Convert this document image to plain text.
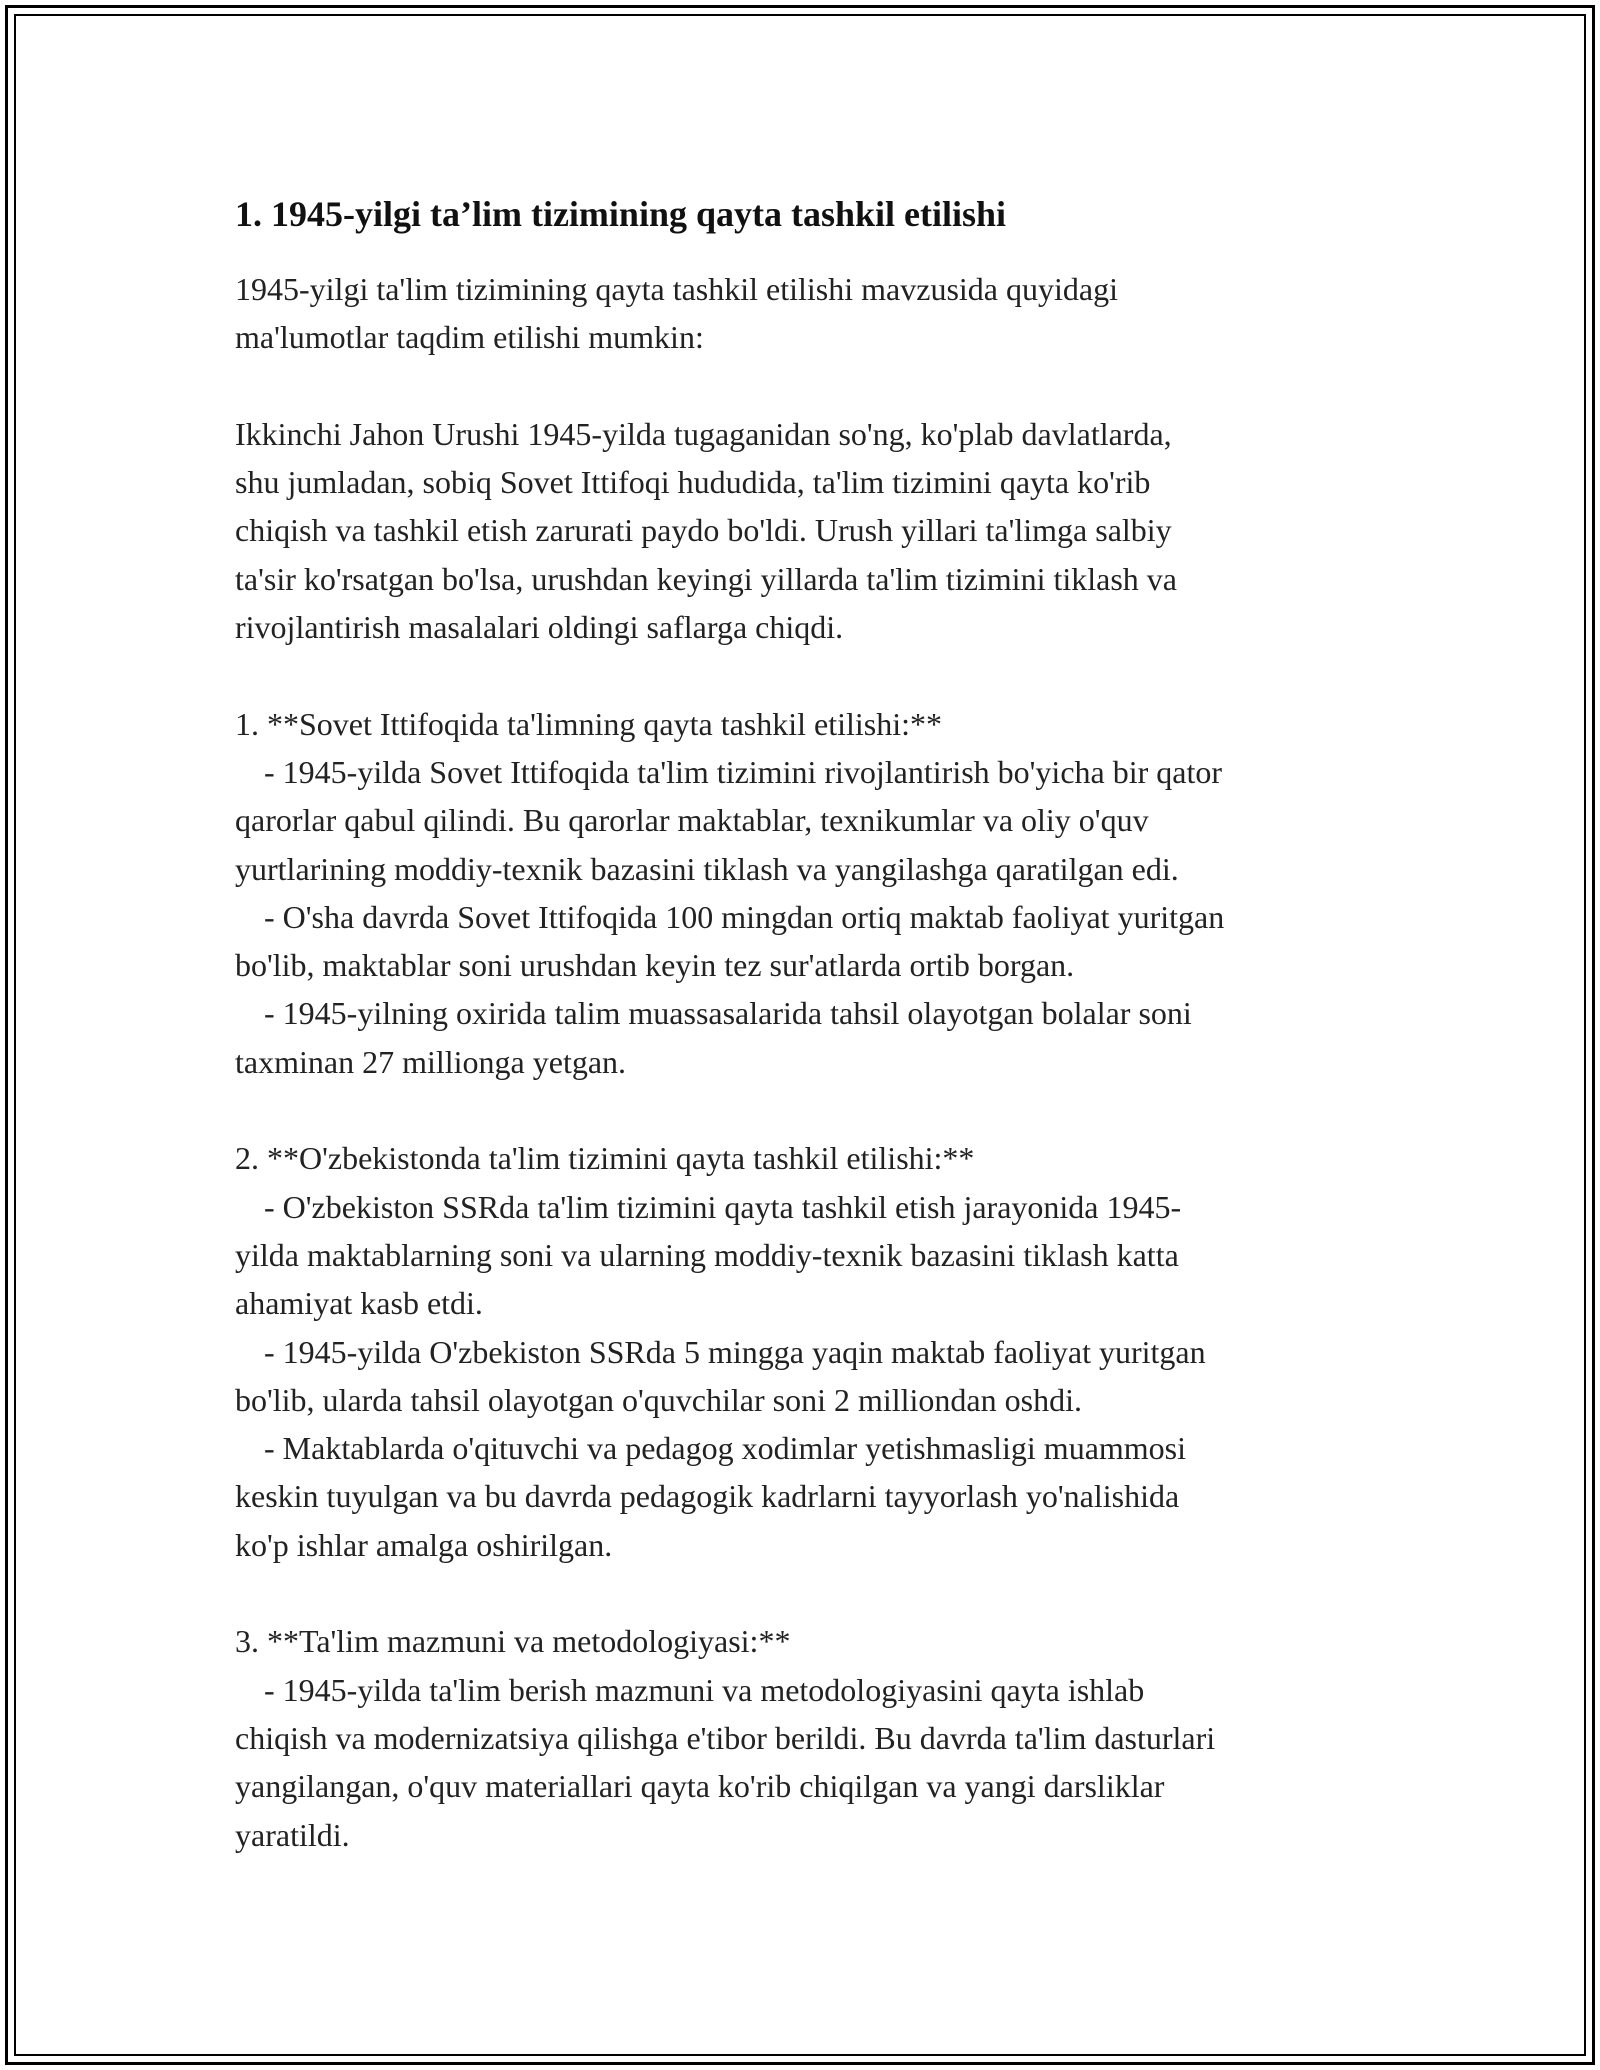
1. 1945-yilgi ta’lim tizimining qayta tashkil etilishi

1945-yilgi ta'lim tizimining qayta tashkil etilishi mavzusida quyidagi
ma'lumotlar taqdim etilishi mumkin:

Ikkinchi Jahon Urushi 1945-yilda tugaganidan so'ng, ko'plab davlatlarda,
shu jumladan, sobiq Sovet Ittifoqi hududida, ta'lim tizimini qayta ko'rib
chiqish va tashkil etish zarurati paydo bo'ldi. Urush yillari ta'limga salbiy
ta'sir ko'rsatgan bo'lsa, urushdan keyingi yillarda ta'lim tizimini tiklash va
rivojlantirish masalalari oldingi saflarga chiqdi.

1. **Sovet Ittifoqida ta'limning qayta tashkil etilishi:**

- 1945-yilda Sovet Ittifoqida ta'lim tizimini rivojlantirish bo'yicha bir qator

qarorlar qabul qilindi. Bu qarorlar maktablar, texnikumlar va oliy o'quv
yurtlarining moddiy-texnik bazasini tiklash va yangilashga qaratilgan edi.

- O'sha davrda Sovet Ittifoqida 100 mingdan ortiq maktab faoliyat yuritgan

bo'lib, maktablar soni urushdan keyin tez sur'atlarda ortib borgan.

- 1945-yilning oxirida talim muassasalarida tahsil olayotgan bolalar soni

taxminan 27 millionga yetgan.

2. **O'zbekistonda ta'lim tizimini qayta tashkil etilishi:**

- O'zbekiston SSRda ta'lim tizimini qayta tashkil etish jarayonida 1945-

yilda maktablarning soni va ularning moddiy-texnik bazasini tiklash katta
ahamiyat kasb etdi.

- 1945-yilda O'zbekiston SSRda 5 mingga yaqin maktab faoliyat yuritgan

bo'lib, ularda tahsil olayotgan o'quvchilar soni 2 milliondan oshdi.

- Maktablarda o'qituvchi va pedagog xodimlar yetishmasligi muammosi

keskin tuyulgan va bu davrda pedagogik kadrlarni tayyorlash yo'nalishida
ko'p ishlar amalga oshirilgan.

3. **Ta'lim mazmuni va metodologiyasi:**

- 1945-yilda ta'lim berish mazmuni va metodologiyasini qayta ishlab

chiqish va modernizatsiya qilishga e'tibor berildi. Bu davrda ta'lim dasturlari
yangilangan, o'quv materiallari qayta ko'rib chiqilgan va yangi darsliklar
yaratildi.
